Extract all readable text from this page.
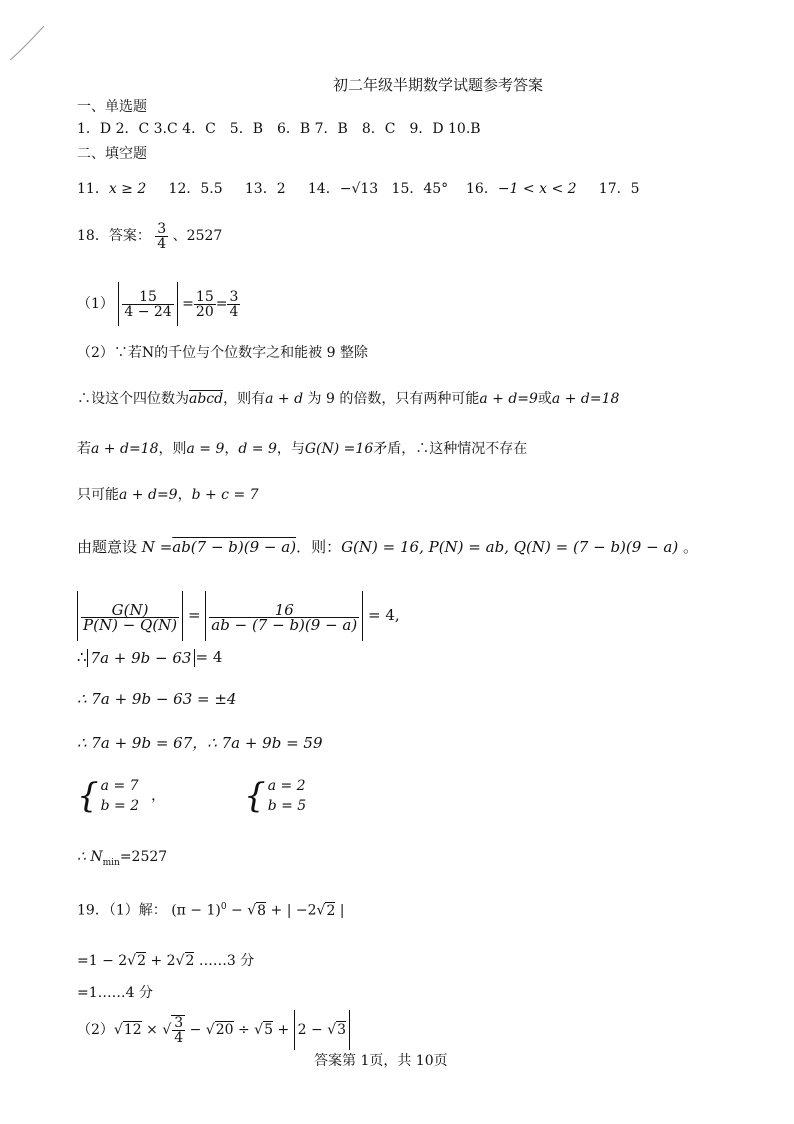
初二年级半期数学试题参考答案
一、单选题
1．D 2．C 3.C 4．C　5．B　6．B 7．B　8．C　9．D 10.B
二、填空题
11．x ≥ 2 12．5.5 13．2 14．−√13 15．45° 16．−1 < x < 2 17．5
18．答案： $\frac{3}{4}$ 、2527
$(1) \frac{15}{4 - 24} = \frac{15}{20} = \frac{3}{4}$
（2）∵若N的千位与个位数字之和能被 9 整除
∴设这个四位数为abcd，则有a + d 为 9 的倍数，只有两种可能a + d=9或a + d=18
若a + d=18，则a = 9，d = 9，与G(N) =16矛盾，∴这种情况不存在
只可能a + d=9，b + c = 7
由题意设 N =ab(7 − b)(9 − a)．则：G(N) = 16, P(N) = ab, Q(N) = (7 − b)(9 − a) 。
$\frac{G(N)}{P(N) - Q(N)} = \frac{16}{ab - (7 - b)(9 - a)} = 4$,
∴ 7a + 9b − 63 = 4
∴ 7a + 9b − 63 = ±4
∴ 7a + 9b = 67，∴ 7a + 9b = 59
{ a = 7
b = 2
， { a = 2
b = 5
∴ $N_{min}=2527$
19．（1）解： $(\pi - 1)^0 - √8$ + | −2√2 |
=1 − 2√2 + 2√2 ……3 分
=1……4 分
（2）√12 × √ $\frac{3}{4} - √20 \div √5 + 2 - √3$
答案第 1页，共 10页
